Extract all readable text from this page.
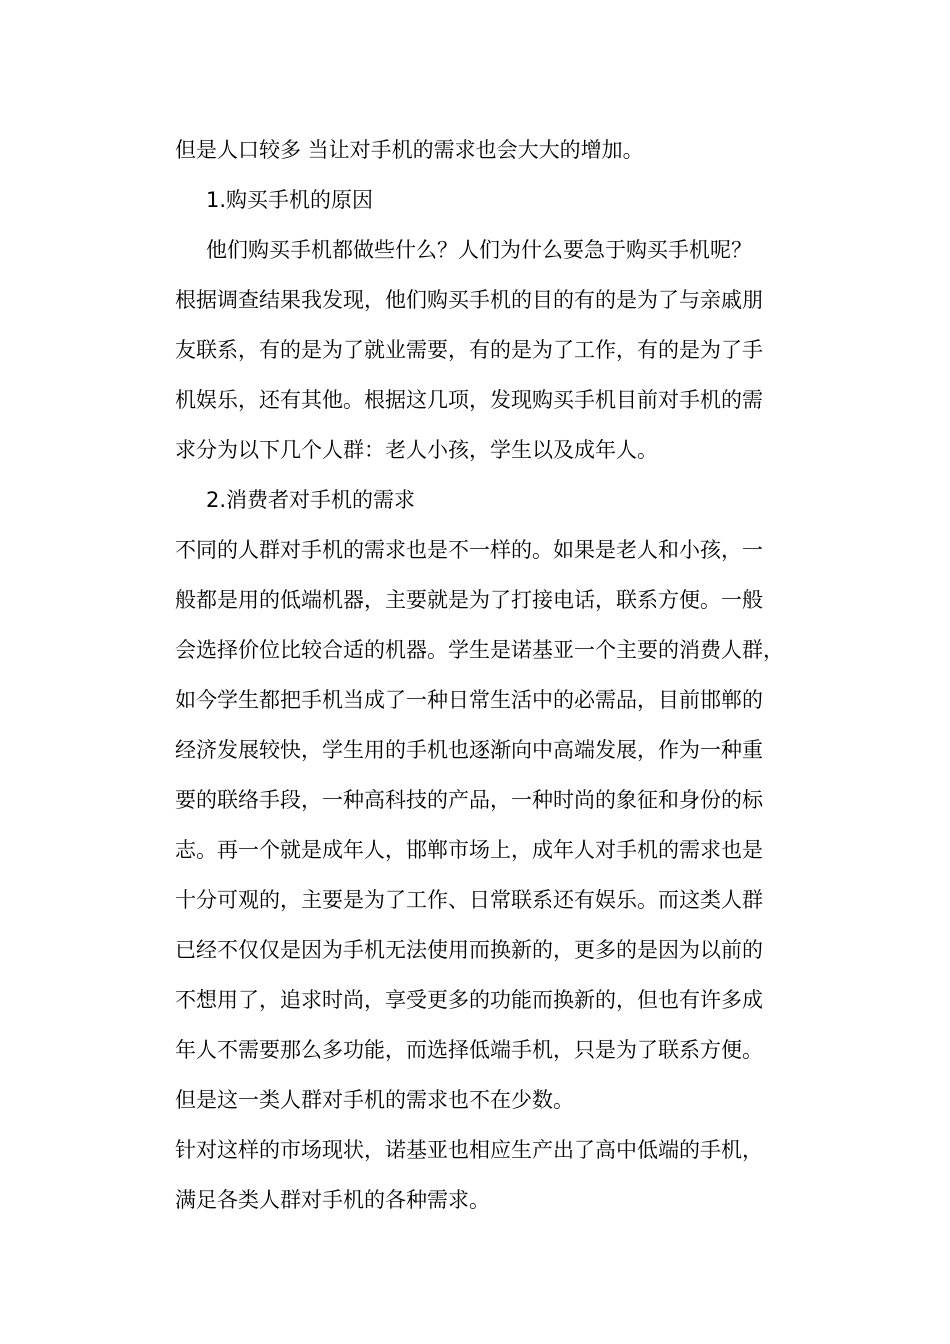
但是人口较多 当让对手机的需求也会大大的增加。
1.购买手机的原因
他们购买手机都做些什么？人们为什么要急于购买手机呢？
根据调查结果我发现，他们购买手机的目的有的是为了与亲戚朋
友联系，有的是为了就业需要，有的是为了工作，有的是为了手
机娱乐，还有其他。根据这几项，发现购买手机目前对手机的需
求分为以下几个人群：老人小孩，学生以及成年人。
2.消费者对手机的需求
不同的人群对手机的需求也是不一样的。如果是老人和小孩，一
般都是用的低端机器，主要就是为了打接电话，联系方便。一般
会选择价位比较合适的机器。学生是诺基亚一个主要的消费人群，
如今学生都把手机当成了一种日常生活中的必需品，目前邯郸的
经济发展较快，学生用的手机也逐渐向中高端发展，作为一种重
要的联络手段，一种高科技的产品，一种时尚的象征和身份的标
志。再一个就是成年人，邯郸市场上，成年人对手机的需求也是
十分可观的，主要是为了工作、日常联系还有娱乐。而这类人群
已经不仅仅是因为手机无法使用而换新的，更多的是因为以前的
不想用了，追求时尚，享受更多的功能而换新的，但也有许多成
年人不需要那么多功能，而选择低端手机，只是为了联系方便。
但是这一类人群对手机的需求也不在少数。
针对这样的市场现状，诺基亚也相应生产出了高中低端的手机，
满足各类人群对手机的各种需求。
